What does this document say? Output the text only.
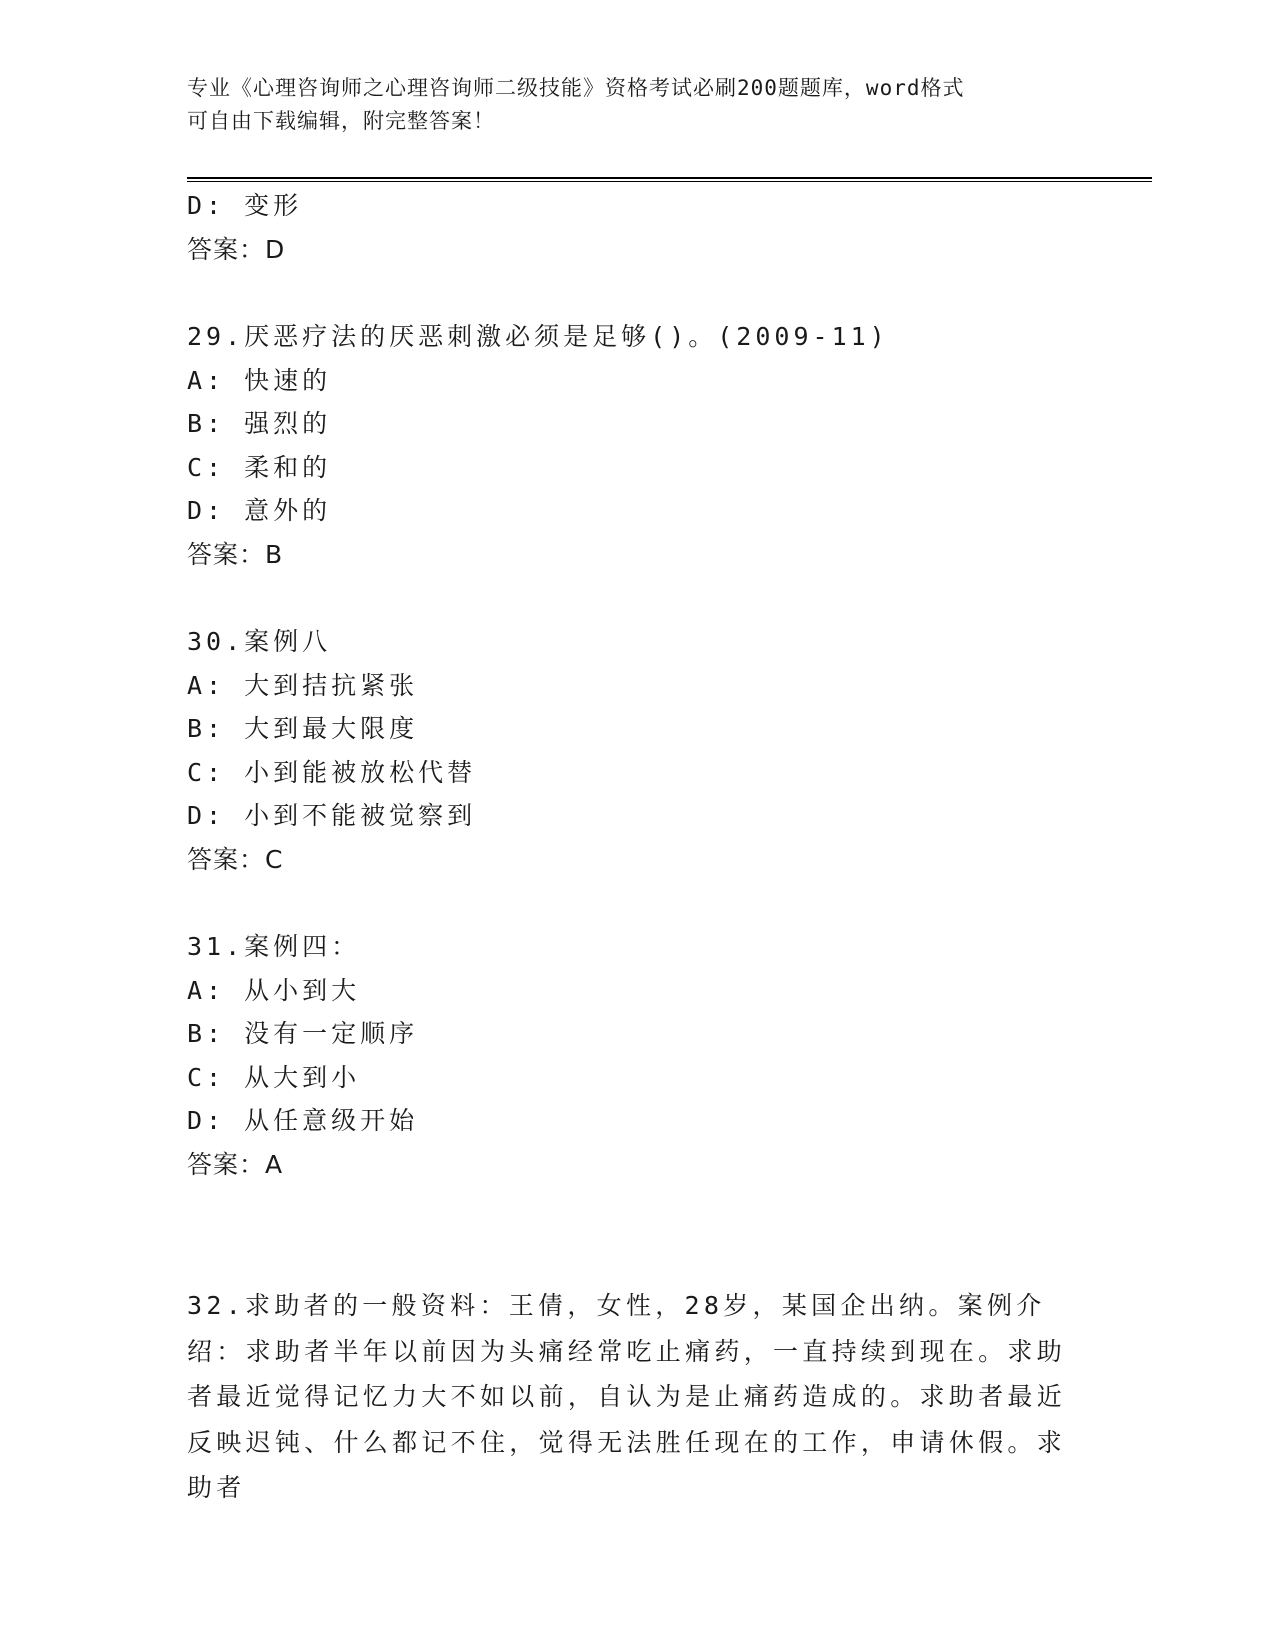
专业《心理咨询师之心理咨询师二级技能》资格考试必刷200题题库，word格式
可自由下载编辑，附完整答案！
D: 变形
答案：D
29.厌恶疗法的厌恶刺激必须是足够()。(2009-11)
A: 快速的
B: 强烈的
C: 柔和的
D: 意外的
答案：B
30.案例八
A: 大到拮抗紧张
B: 大到最大限度
C: 小到能被放松代替
D: 小到不能被觉察到
答案：C
31.案例四：
A: 从小到大
B: 没有一定顺序
C: 从大到小
D: 从任意级开始
答案：A
32.求助者的一般资料：王倩，女性，28岁，某国企出纳。案例介绍：求助者半年以前因为头痛经常吃止痛药，一直持续到现在。求助者最近觉得记忆力大不如以前，自认为是止痛药造成的。求助者最近反映迟钝、什么都记不住，觉得无法胜任现在的工作，申请休假。求助者
